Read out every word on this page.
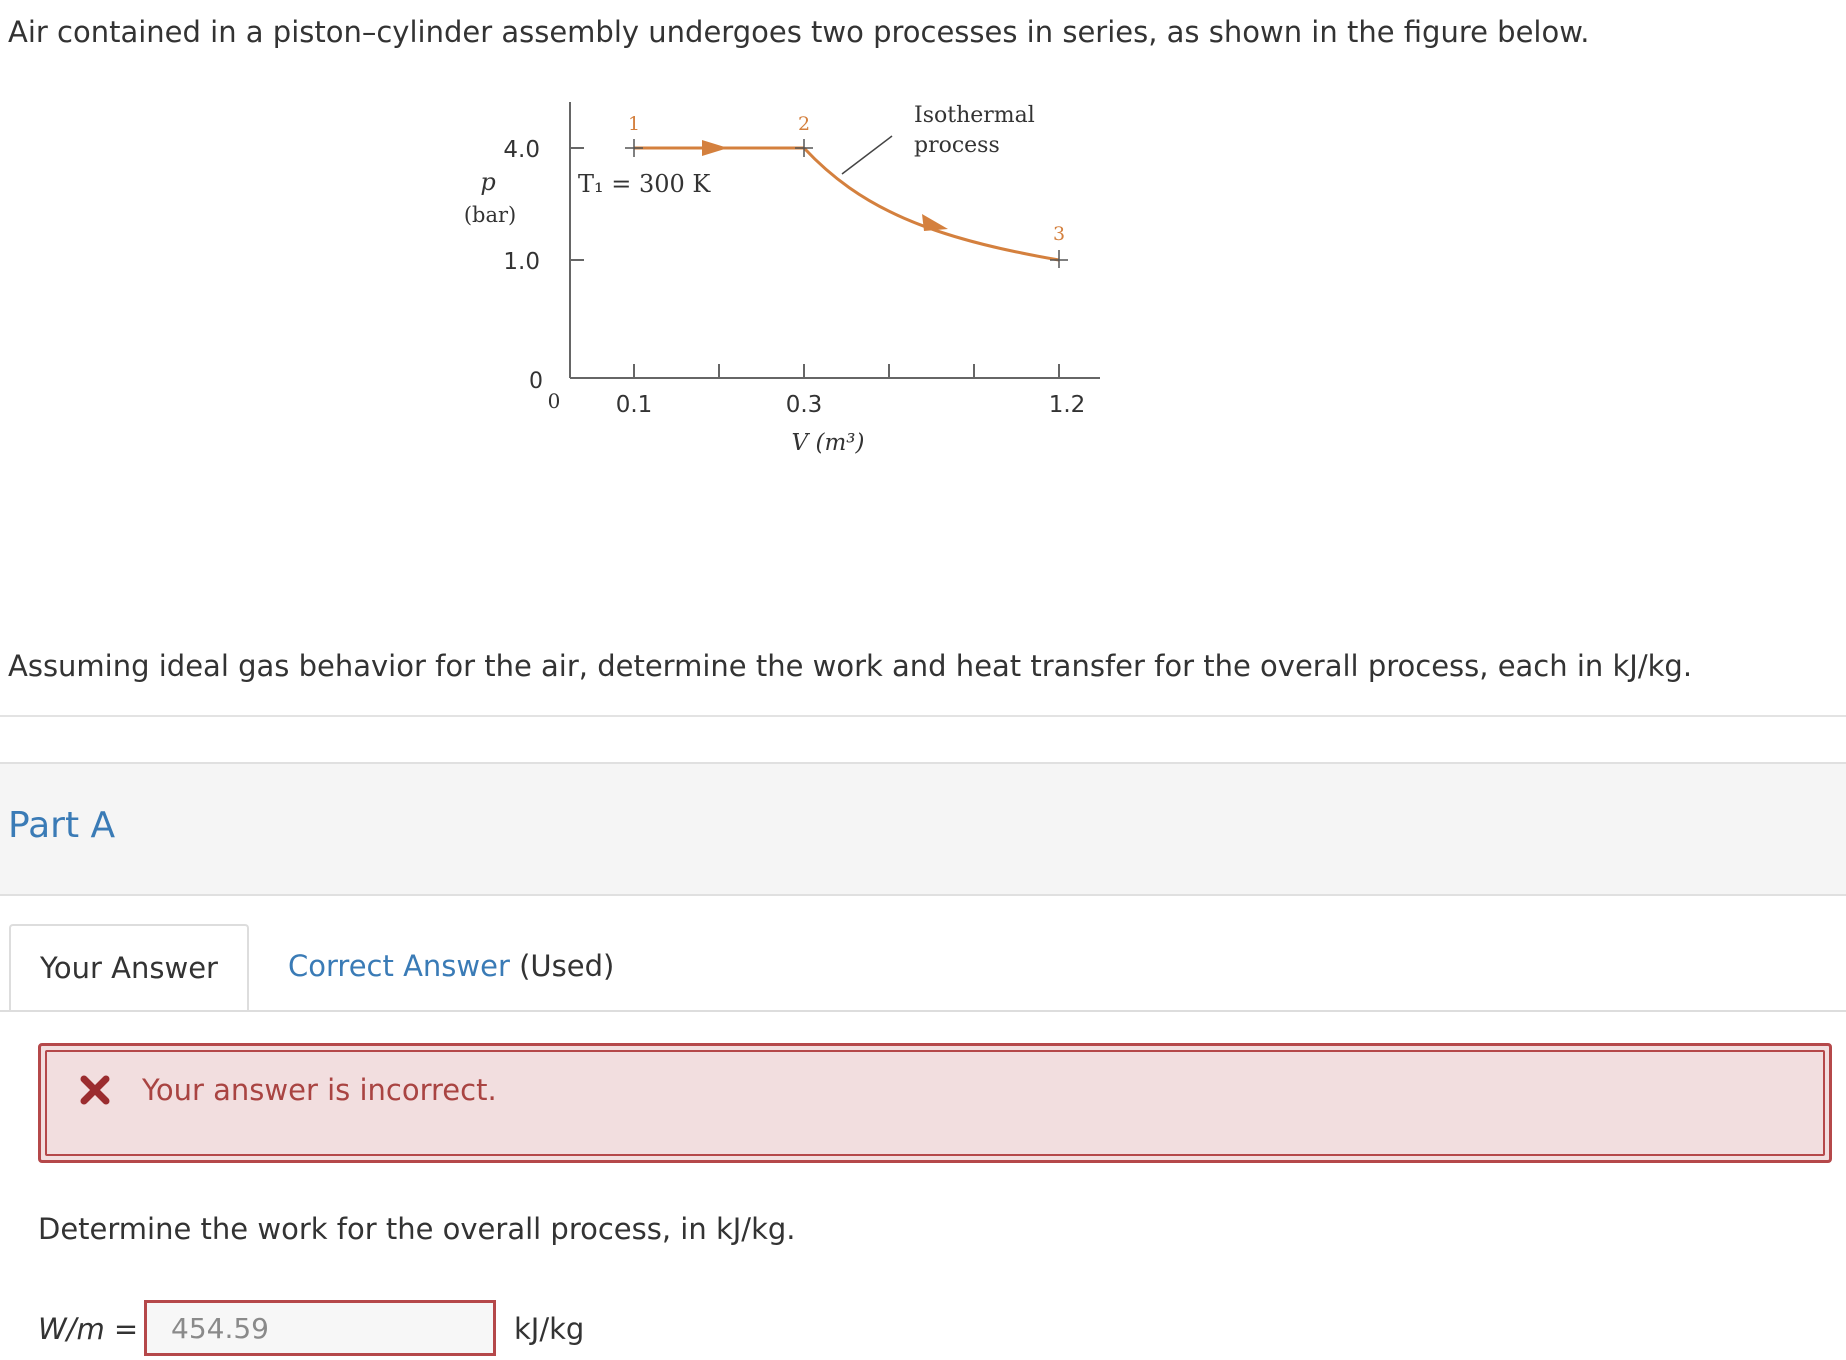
Air contained in a piston–cylinder assembly undergoes two processes in series, as shown in the figure below.

4.0
1.0
p
(bar)
0
0 0.1	0.3	1.2
V (m³)
1	2
3
T₁ = 300 K
Isothermal
process

Assuming ideal gas behavior for the air, determine the work and heat transfer for the overall process, each in kJ/kg.

Part A
Your Answer	Correct Answer (Used)
Your answer is incorrect.

Determine the work for the overall process, in kJ/kg.

W/m =
454.59	kJ/kg
